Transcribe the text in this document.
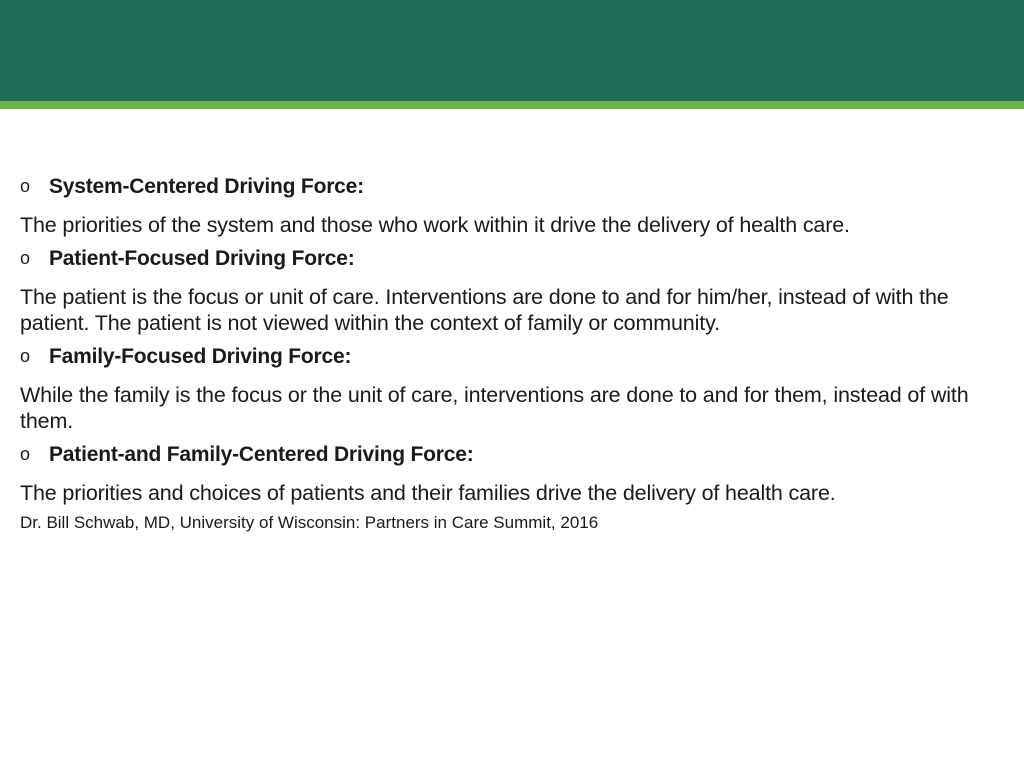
o System-Centered Driving Force:

The priorities of the system and those who work within it drive the delivery of health care.

o Patient-Focused Driving Force:

The patient is the focus or unit of care. Interventions are done to and for him/her, instead of with the patient. The patient is not viewed within the context of family or community.

o Family-Focused Driving Force:

While the family is the focus or the unit of care, interventions are done to and for them, instead of with them.

o Patient-and Family-Centered Driving Force:

The priorities and choices of patients and their families drive the delivery of health care.

Dr. Bill Schwab, MD, University of Wisconsin: Partners in Care Summit, 2016
